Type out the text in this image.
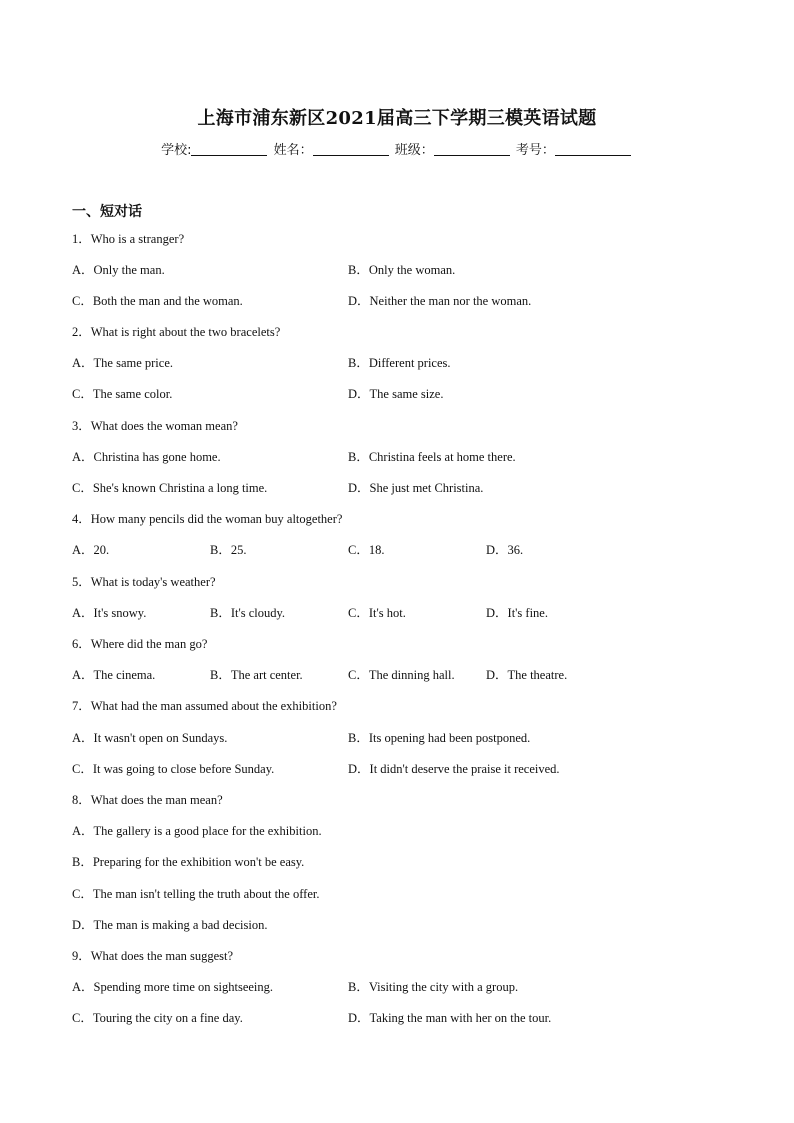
上海市浦东新区2021届高三下学期三模英语试题
学校:	姓名：	班级：	考号：
一、短对话
1．Who is a stranger?
A．Only the man.	B．Only the woman.
C．Both the man and the woman.	D．Neither the man nor the woman.
2．What is right about the two bracelets?
A．The same price.	B．Different prices.
C．The same color.	D．The same size.
3．What does the woman mean?
A．Christina has gone home.	B．Christina feels at home there.
C．She's known Christina a long time.	D．She just met Christina.
4．How many pencils did the woman buy altogether?
A．20.	B．25.	C．18.	D．36.
5．What is today's weather?
A．It's snowy.	B．It's cloudy.	C．It's hot.	D．It's fine.
6．Where did the man go?
A．The cinema.	B．The art center.	C．The dinning hall.	D．The theatre.
7．What had the man assumed about the exhibition?
A．It wasn't open on Sundays.	B．Its opening had been postponed.
C．It was going to close before Sunday.	D．It didn't deserve the praise it received.
8．What does the man mean?
A．The gallery is a good place for the exhibition.
B．Preparing for the exhibition won't be easy.
C．The man isn't telling the truth about the offer.
D．The man is making a bad decision.
9．What does the man suggest?
A．Spending more time on sightseeing.	B．Visiting the city with a group.
C．Touring the city on a fine day.	D．Taking the man with her on the tour.
